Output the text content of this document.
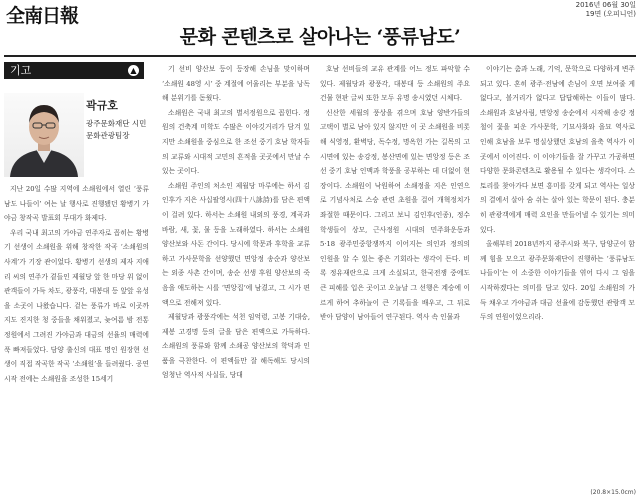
全南日報	2016년 06월 30일
19면 (오피니언)
문화 콘텐츠로 살아나는 ‘풍류남도’
기고	▲
곽규호
광주문화재단 시민문화관광팀장

지난 20일 수많 지역에 소쇄원에서 열린 ‘풍류남도 나들이’ 여는 날 행사로 진행됐던 황병기 가야금 창작곡 발표회 무대가 화제다.

우리 국내 최고의 가야금 연주자로 꼽히는 황병기 선생이 소쇄원을 위해 창작한 작곡 ‘소쇄원의 사계’가 기장 관이었다. 황병기 선생의 제자 지애리 씨의 연주가 곁들인 제월당 앞 한 마당 위 없이 관객들이 가득 차도, 광풍각, 대봉대 등 앞앞 유성을 소곳이 나왔습니다. 겉는 풍류가 바로 이곳까지도 진지한 청 중들을 채워졌고, 늦여름 밤 전통 정원에서 그려진 가야금과 대금의 선율의 매력에 푹 빠져들었다. 담양 출신의 대표 명인 원장현 선생이 직접 작곡한 작곡 ‘소쇄원’을 들려줬다. 공연 시작 전에는 소쇄원을 조성한 15세기

기 선비 양산보 등이 등장해 손님을 맞이하며 ‘소쇄원 48영 시’ 중 계절에 어울리는 부분을 낭독해 분위기를 돋웠다.

소쇄원은 국내 최고의 별서정원으로 꼽힌다. 정원의 건축계 미학도 수많은 이야깃거리가 담겨 있지만 소쇄원을 중심으로 한 조선 중기 호남 학자들의 교류와 시대적 고민의 흔적을 곳곳에서 만날 수 있는 곳이다.

소쇄원 주인의 처소인 제월당 마루에는 하서 김인후가 지은 사십팔영시(四十八詠詩)를 담은 편액이 걸려 있다. 하서는 소쇄원 내외의 풍경, 계곡과 바람, 새, 꽃, 물 등을 노래하였다. 하서는 소쇄원 양산보와 사돈 간이다. 당시에 학문과 후학을 교류하고 가사문학을 선양했던 면앙정 송순과 양산보는 외종 사촌 간이며, 송순 선생 후원 양산보의 죽음을 애도하는 시를 ‘면앙집’에 남겼고, 그 시가 편액으로 전해져 있다.

제월당과 광풍각에는 석천 임억령, 고봉 기대승, 제봉 고경명 등의 글을 담은 편액으로 가득하다. 소쇄원의 풍류와 함께 소쇄공 양산보의 학덕과 인품을 극찬한다. 이 편액들만 잘 해독해도 당시의 엄청난 역사적 사실들, 당대

호남 선비들의 교유 관계를 어느 정도 파악할 수 있다. 제월당과 광풍각, 대봉대 등 소쇄원의 주요 건물 현판 글씨 또한 모두 유명 송시였던 시체다.

신산한 세월의 풍상을 겪으며 호남 양반가들의 고택이 별로 남아 있지 않지만 이 곳 소쇄원을 비롯해 식영정, 환벽당, 독수정, 명옥헌 가는 길목의 고시면에 있는 송강정, 봉산면에 있는 면앙정 등은 조선 중기 호남 인맥과 학풍을 공부하는 데 더없이 현장이다. 소쇄원이 낙원하여 소쇄정을 지은 인연으로 기념사처로 스승 관련 초원을 걸어 개혁정치가 좌절한 때문이다. 그리고 보니 김인후(인종), 정수학생들이 상모, 근사정원 시대의 민주화운동과 5·18 광주민중항쟁까지 이어지는 의인과 정의의 인원을 알 수 있는 좋은 기회라는 생각이 든다. 비록 정유재란으로 크게 소실되고, 한국전쟁 중에도 큰 피해를 입은 곳이고 오늘날 그 선행은 계승에 이르게 하여 추하늘이 큰 기록들을 배우고, 그 뒤로 받아 담양이 남아들어 연구된다. 역사 속 인물과

이야기는 춤과 노래, 기억, 문학으로 다양하게 변주되고 있다. 혼히 광주·전남에 손님이 오면 보여줄 게 없다고, 볼거리가 없다고 답답해하는 이들이 많다. 소쇄원과 호남사림, 면앙정 송순에서 시작해 송강 정철이 꽃을 피운 가사문학, 기묘사화와 을묘 역사로 인해 호남을 보루 명실상했던 호남의 을축 역사가 이곳에서 이어진다. 이 이야기들을 잘 가꾸고 가공하면 다양한 문화콘텐츠로 활용될 수 있다는 생각이다. 스토리를 찾아가다 보면 흥미를 갖게 되고 역사는 일상의 결에서 살아 숨 쉬는 살아 있는 학문이 된다. 충분히 관광객에게 매력 요인을 만들어낼 수 있기는 의미 있다.

올해부터 2018년까지 광주시와 북구, 담양군이 함께 힘을 모으고 광주문화재단이 진행하는 ‘풍류남도 나들이’는 이 소중한 이야기들을 엮어 다시 그 임을 시작하겠다는 의미를 담고 있다. 20일 소쇄원의 가득 채우고 가야금과 대금 선율에 감동했던 관람객 모두의 연원이었으리라.

(20.8×15.0cm)
